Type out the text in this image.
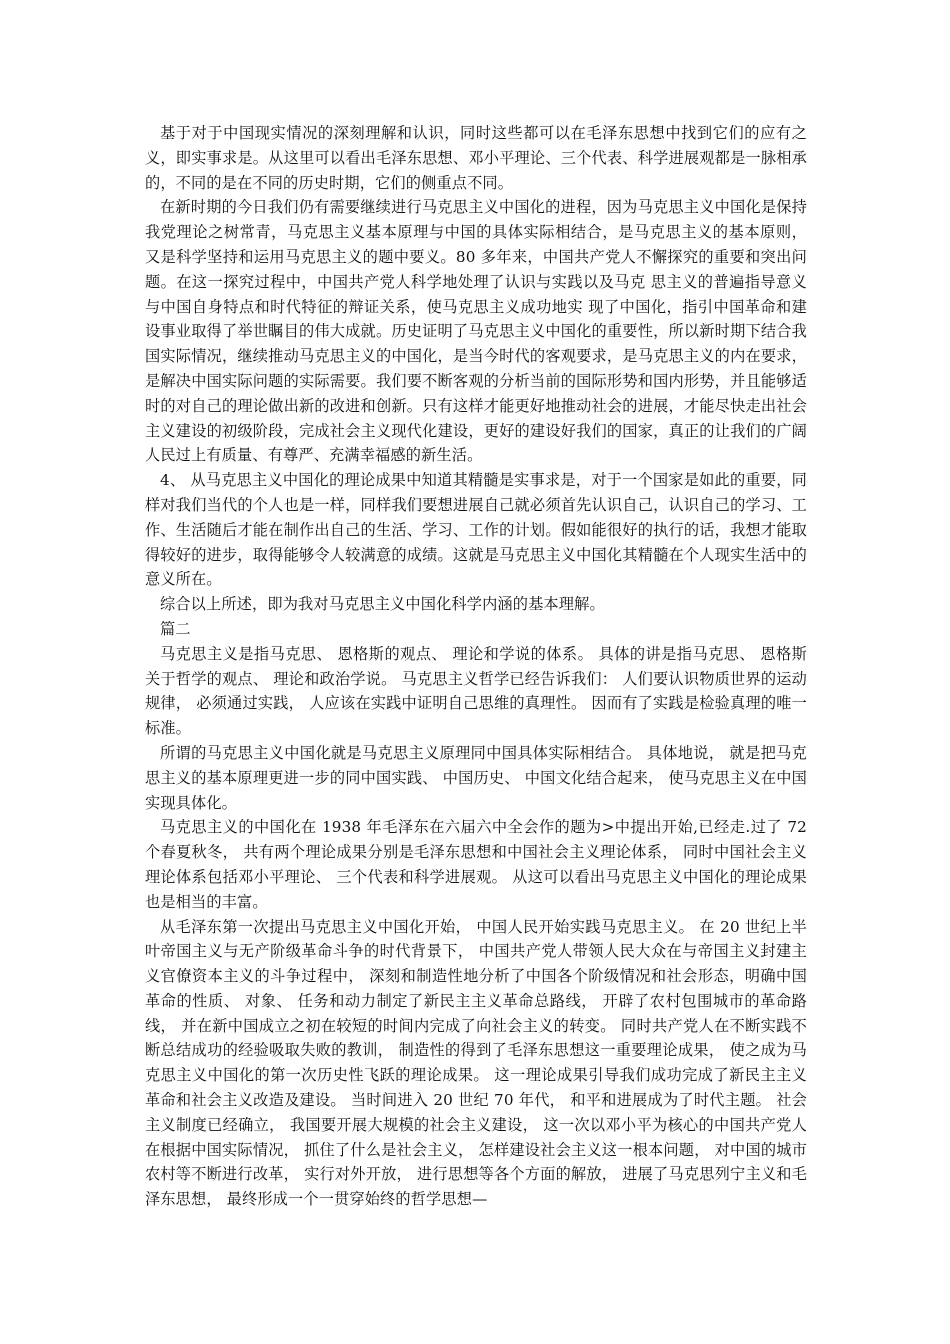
基于对于中国现实情况的深刻理解和认识，同时这些都可以在毛泽东思想中找到它们的应有之义，即实事求是。从这里可以看出毛泽东思想、邓小平理论、三个代表、科学进展观都是一脉相承的，不同的是在不同的历史时期，它们的侧重点不同。

在新时期的今日我们仍有需要继续进行马克思主义中国化的进程，因为马克思主义中国化是保持我党理论之树常青，马克思主义基本原理与中国的具体实际相结合，是马克思主义的基本原则， 又是科学坚持和运用马克思主义的题中要义。80 多年来，中国共产党人不懈探究的重要和突出问题。在这一探究过程中，中国共产党人科学地处理了认识与实践以及马克 思主义的普遍指导意义与中国自身特点和时代特征的辩证关系，使马克思主义成功地实 现了中国化，指引中国革命和建设事业取得了举世瞩目的伟大成就。历史证明了马克思主义中国化的重要性，所以新时期下结合我国实际情况，继续推动马克思主义的中国化，是当今时代的客观要求，是马克思主义的内在要求，是解决中国实际问题的实际需要。我们要不断客观的分析当前的国际形势和国内形势，并且能够适时的对自己的理论做出新的改进和创新。只有这样才能更好地推动社会的进展，才能尽快走出社会主义建设的初级阶段，完成社会主义现代化建设，更好的建设好我们的国家，真正的让我们的广阔人民过上有质量、有尊严、充满幸福感的新生活。

4、 从马克思主义中国化的理论成果中知道其精髓是实事求是，对于一个国家是如此的重要，同样对我们当代的个人也是一样，同样我们要想进展自己就必须首先认识自己，认识自己的学习、工作、生活随后才能在制作出自己的生活、学习、工作的计划。假如能很好的执行的话，我想才能取得较好的进步，取得能够令人较满意的成绩。这就是马克思主义中国化其精髓在个人现实生活中的意义所在。

综合以上所述，即为我对马克思主义中国化科学内涵的基本理解。

篇二

马克思主义是指马克思、 恩格斯的观点、 理论和学说的体系。 具体的讲是指马克思、 恩格斯关于哲学的观点、 理论和政治学说。 马克思主义哲学已经告诉我们： 人们要认识物质世界的运动规律， 必须通过实践， 人应该在实践中证明自己思维的真理性。 因而有了实践是检验真理的唯一标准。

所谓的马克思主义中国化就是马克思主义原理同中国具体实际相结合。 具体地说， 就是把马克思主义的基本原理更进一步的同中国实践、 中国历史、 中国文化结合起来， 使马克思主义在中国实现具体化。

马克思主义的中国化在 1938 年毛泽东在六届六中全会作的题为>中提出开始,已经走.过了 72 个春夏秋冬， 共有两个理论成果分别是毛泽东思想和中国社会主义理论体系， 同时中国社会主义理论体系包括邓小平理论、 三个代表和科学进展观。 从这可以看出马克思主义中国化的理论成果也是相当的丰富。

从毛泽东第一次提出马克思主义中国化开始， 中国人民开始实践马克思主义。 在 20 世纪上半叶帝国主义与无产阶级革命斗争的时代背景下， 中国共产党人带领人民大众在与帝国主义封建主义官僚资本主义的斗争过程中， 深刻和制造性地分析了中国各个阶级情况和社会形态，明确中国革命的性质、 对象、 任务和动力制定了新民主主义革命总路线， 开辟了农村包围城市的革命路线， 并在新中国成立之初在较短的时间内完成了向社会主义的转变。 同时共产党人在不断实践不断总结成功的经验吸取失败的教训， 制造性的得到了毛泽东思想这一重要理论成果， 使之成为马克思主义中国化的第一次历史性飞跃的理论成果。 这一理论成果引导我们成功完成了新民主主义革命和社会主义改造及建设。 当时间进入 20 世纪 70 年代， 和平和进展成为了时代主题。 社会主义制度已经确立， 我国要开展大规模的社会主义建设， 这一次以邓小平为核心的中国共产党人在根据中国实际情况， 抓住了什么是社会主义， 怎样建设社会主义这一根本问题， 对中国的城市农村等不断进行改革， 实行对外开放， 进行思想等各个方面的解放， 进展了马克思列宁主义和毛泽东思想， 最终形成一个一贯穿始终的哲学思想—
